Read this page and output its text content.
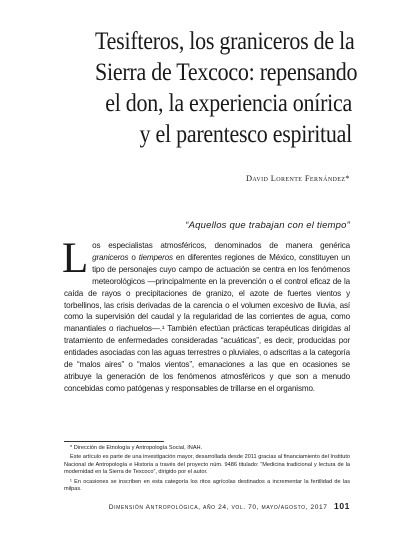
Tesifteros, los graniceros de la
Sierra de Texcoco: repensando
el don, la experiencia onírica
y el parentesco espiritual
David Lorente Fernández*
“Aquellos que trabajan con el tiempo”
L os especialistas atmosféricos, denominados de manera genérica graniceros o tiemperos en diferentes regiones de México, constituyen un tipo de personajes cuyo campo de actuación se centra en los fenómenos meteorológicos —principalmente en la prevención o el control eficaz de la caída de rayos o precipitaciones de granizo, el azote de fuertes vientos y torbellinos, las crisis derivadas de la carencia o el volumen excesivo de lluvia, así como la supervisión del caudal y la regularidad de las corrientes de agua, como manantiales o riachuelos—.¹ También efectúan prácticas terapéuticas dirigidas al tratamiento de enfermedades consideradas “acuáticas”, es decir, producidas por entidades asociadas con las aguas terrestres o pluviales, o adscritas a la categoría de “malos aires” o “malos vientos”, emanaciones a las que en ocasiones se atribuye la generación de los fenómenos atmosféricos y que son a menudo concebidas como patógenas y responsables de trillarse en el organismo.

* Dirección de Etnología y Antropología Social, INAH.

Este artículo es parte de una investigación mayor, desarrollada desde 2011 gracias al financiamiento del Instituto Nacional de Antropología e Historia a través del proyecto núm. 9486 titulado: “Medicina tradicional y lectura de la modernidad en la Sierra de Texcoco”, dirigido por el autor.

¹ En ocasiones se inscriben en esta categoría los ritos agrícolas destinados a incrementar la fertilidad de las milpas.

Dimensión Antropológica, año 24, vol. 70, mayo/agosto, 2017 101
